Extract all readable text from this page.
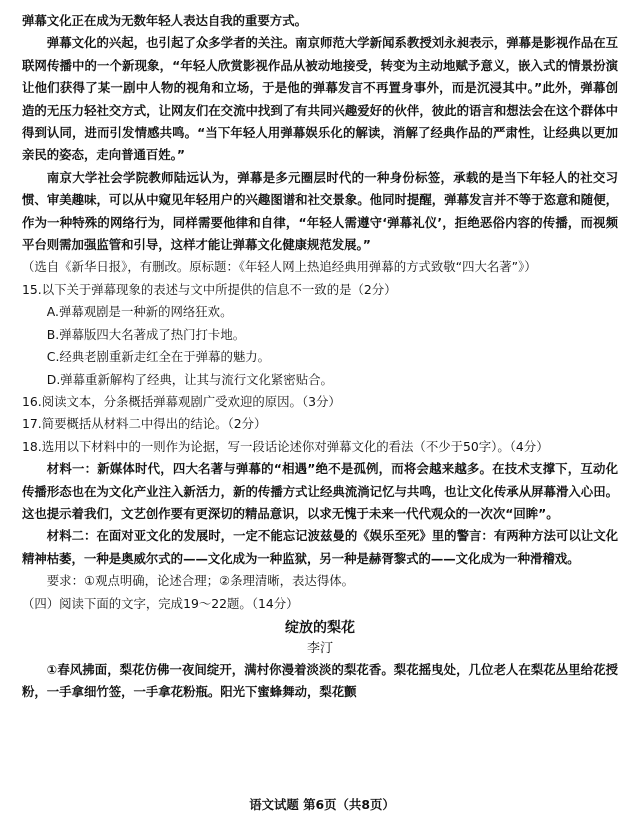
弹幕文化正在成为无数年轻人表达自我的重要方式。

弹幕文化的兴起，也引起了众多学者的关注。南京师范大学新闻系教授刘永昶表示，弹幕是影视作品在互联网传播中的一个新现象，“年轻人欣赏影视作品从被动地接受，转变为主动地赋予意义，嵌入式的情景扮演让他们获得了某一剧中人物的视角和立场，于是他的弹幕发言不再置身事外，而是沉浸其中。”此外，弹幕创造的无压力轻社交方式，让网友们在交流中找到了有共同兴趣爱好的伙伴，彼此的语言和想法会在这个群体中得到认同，进而引发情感共鸣。“当下年轻人用弹幕娱乐化的解读，消解了经典作品的严肃性，让经典以更加亲民的姿态，走向普通百姓。”

南京大学社会学院教师陆远认为，弹幕是多元圈层时代的一种身份标签，承载的是当下年轻人的社交习惯、审美趣味，可以从中窥见年轻用户的兴趣图谱和社交景象。他同时提醒，弹幕发言并不等于恣意和随便，作为一种特殊的网络行为，同样需要他律和自律，“年轻人需遵守‘弹幕礼仪’，拒绝恶俗内容的传播，而视频平台则需加强监管和引导，这样才能让弹幕文化健康规范发展。”

（选自《新华日报》，有删改。原标题：《年轻人网上热追经典用弹幕的方式致敬“四大名著”》）

15.以下关于弹幕现象的表述与文中所提供的信息不一致的是（2分）

A.弹幕观剧是一种新的网络狂欢。

B.弹幕版四大名著成了热门打卡地。

C.经典老剧重新走红全在于弹幕的魅力。

D.弹幕重新解构了经典，让其与流行文化紧密贴合。

16.阅读文本，分条概括弹幕观剧广受欢迎的原因。（3分）

17.简要概括从材料二中得出的结论。（2分）

18.选用以下材料中的一则作为论据，写一段话论述你对弹幕文化的看法（不少于50字）。（4分）

材料一：新媒体时代，四大名著与弹幕的“相遇”绝不是孤例，而将会越来越多。在技术支撑下，互动化传播形态也在为文化产业注入新活力，新的传播方式让经典流淌记忆与共鸣，也让文化传承从屏幕滑入心田。这也提示着我们，文艺创作要有更深切的精品意识，以求无愧于未来一代代观众的一次次“回眸”。

材料二：在面对亚文化的发展时，一定不能忘记波兹曼的《娱乐至死》里的警言：有两种方法可以让文化精神枯萎，一种是奥威尔式的——文化成为一种监狱，另一种是赫胥黎式的——文化成为一种滑稽戏。

要求：①观点明确，论述合理；②条理清晰，表达得体。

（四）阅读下面的文字，完成19～22题。（14分）

绽放的梨花

李汀

①春风拂面，梨花仿佛一夜间绽开，满村你漫着淡淡的梨花香。梨花摇曳处，几位老人在梨花丛里给花授粉，一手拿细竹签，一手拿花粉瓶。阳光下蜜蜂舞动，梨花颤

语文试题 第6页（共8页）
